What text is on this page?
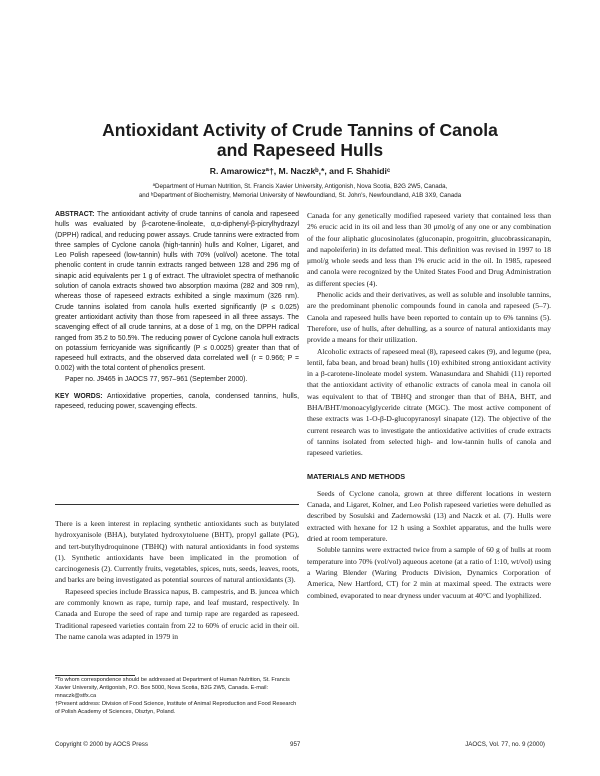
Antioxidant Activity of Crude Tannins of Canola
and Rapeseed Hulls
R. Amarowiczª†, M. Naczkᵇ,*, and F. Shahidiᶜ
ªDepartment of Human Nutrition, St. Francis Xavier University, Antigonish, Nova Scotia, B2G 2W5, Canada,
and ᵇDepartment of Biochemistry, Memorial University of Newfoundland, St. John’s, Newfoundland, A1B 3X9, Canada

ABSTRACT: The antioxidant activity of crude tannins of canola and rapeseed hulls was evaluated by β-carotene-linoleate, α,α-diphenyl-β-picrylhydrazyl (DPPH) radical, and reducing power assays. Crude tannins were extracted from three samples of Cyclone canola (high-tannin) hulls and Kolner, Ligaret, and Leo Polish rapeseed (low-tannin) hulls with 70% (vol/vol) acetone. The total phenolic content in crude tannin extracts ranged between 128 and 296 mg of sinapic acid equivalents per 1 g of extract. The ultraviolet spectra of methanolic solution of canola extracts showed two absorption maxima (282 and 309 nm), whereas those of rapeseed extracts exhibited a single maximum (326 nm). Crude tannins isolated from canola hulls exerted significantly (P ≤ 0.025) greater antioxidant activity than those from rapeseed in all three assays. The scavenging effect of all crude tannins, at a dose of 1 mg, on the DPPH radical ranged from 35.2 to 50.5%. The reducing power of Cyclone canola hull extracts on potassium ferricyanide was significantly (P ≤ 0.0025) greater than that of rapeseed hull extracts, and the observed data correlated well (r = 0.966; P = 0.002) with the total content of phenolics present.

Paper no. J9465 in JAOCS 77, 957–961 (September 2000).

KEY WORDS: Antioxidative properties, canola, condensed tannins, hulls, rapeseed, reducing power, scavenging effects.

There is a keen interest in replacing synthetic antioxidants such as butylated hydroxyanisole (BHA), butylated hydroxytoluene (BHT), propyl gallate (PG), and tert-butylhydroquinone (TBHQ) with natural antioxidants in food systems (1). Synthetic antioxidants have been implicated in the promotion of carcinogenesis (2). Currently fruits, vegetables, spices, nuts, seeds, leaves, roots, and barks are being investigated as potential sources of natural antioxidants (3).

Rapeseed species include Brassica napus, B. campestris, and B. juncea which are commonly known as rape, turnip rape, and leaf mustard, respectively. In Canada and Europe the seed of rape and turnip rape are regarded as rapeseed. Traditional rapeseed varieties contain from 22 to 60% of erucic acid in their oil. The name canola was adapted in 1979 in

*To whom correspondence should be addressed at Department of Human Nutrition, St. Francis Xavier University, Antigonish, P.O. Box 5000, Nova Scotia, B2G 2W5, Canada. E-mail: mnaczk@stfx.ca

†Present address: Division of Food Science, Institute of Animal Reproduction and Food Research of Polish Academy of Sciences, Olsztyn, Poland.

Canada for any genetically modified rapeseed variety that contained less than 2% erucic acid in its oil and less than 30 μmol/g of any one or any combination of the four aliphatic glucosinolates (gluconapin, progoitrin, glucobrassicanapin, and napoleiferin) in its defatted meal. This definition was revised in 1997 to 18 μmol/g whole seeds and less than 1% erucic acid in the oil. In 1985, rapeseed and canola were recognized by the United States Food and Drug Administration as different species (4).

Phenolic acids and their derivatives, as well as soluble and insoluble tannins, are the predominant phenolic compounds found in canola and rapeseed (5–7). Canola and rapeseed hulls have been reported to contain up to 6% tannins (5). Therefore, use of hulls, after dehulling, as a source of natural antioxidants may provide a means for their utilization.

Alcoholic extracts of rapeseed meal (8), rapeseed cakes (9), and legume (pea, lentil, faba bean, and broad bean) hulls (10) exhibited strong antioxidant activity in a β-carotene-linoleate model system. Wanasundara and Shahidi (11) reported that the antioxidant activity of ethanolic extracts of canola meal in canola oil was equivalent to that of TBHQ and stronger than that of BHA, BHT, and BHA/BHT/monoacylglyceride citrate (MGC). The most active component of these extracts was 1-O-β-D-glucopyranosyl sinapate (12). The objective of the current research was to investigate the antioxidative activities of crude extracts of tannins isolated from selected high- and low-tannin hulls of canola and rapeseed varieties.

MATERIALS AND METHODS

Seeds of Cyclone canola, grown at three different locations in western Canada, and Ligaret, Kolner, and Leo Polish rapeseed varieties were dehulled as described by Sosulski and Zadernowski (13) and Naczk et al. (7). Hulls were extracted with hexane for 12 h using a Soxhlet apparatus, and the hulls were dried at room temperature.

Soluble tannins were extracted twice from a sample of 60 g of hulls at room temperature into 70% (vol/vol) aqueous acetone (at a ratio of 1:10, wt/vol) using a Waring Blender (Waring Products Division, Dynamics Corporation of America, New Hartford, CT) for 2 min at maximal speed. The extracts were combined, evaporated to near dryness under vacuum at 40°C and lyophilized.

Copyright © 2000 by AOCS Press	957	JAOCS, Vol. 77, no. 9 (2000)
